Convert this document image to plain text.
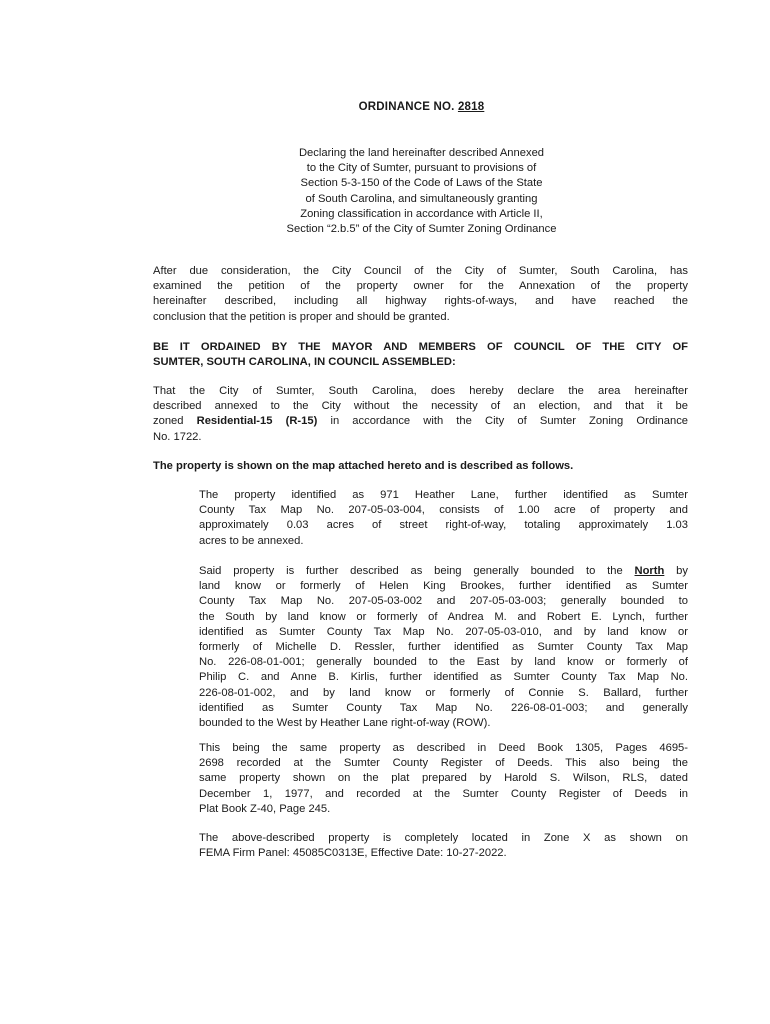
ORDINANCE NO. 2818
Declaring the land hereinafter described Annexed
to the City of Sumter, pursuant to provisions of
Section 5-3-150 of the Code of Laws of the State
of South Carolina, and simultaneously granting
Zoning classification in accordance with Article II,
Section “2.b.5” of the City of Sumter Zoning Ordinance
After due consideration, the City Council of the City of Sumter, South Carolina, has
examined the petition of the property owner for the Annexation of the property
hereinafter described, including all highway rights-of-ways, and have reached the
conclusion that the petition is proper and should be granted.
BE IT ORDAINED BY THE MAYOR AND MEMBERS OF COUNCIL OF THE CITY OF
SUMTER, SOUTH CAROLINA, IN COUNCIL ASSEMBLED:
That the City of Sumter, South Carolina, does hereby declare the area hereinafter
described annexed to the City without the necessity of an election, and that it be
zoned Residential-15 (R-15) in accordance with the City of Sumter Zoning Ordinance
No. 1722.
The property is shown on the map attached hereto and is described as follows.
The property identified as 971 Heather Lane, further identified as Sumter
County Tax Map No. 207-05-03-004, consists of 1.00 acre of property and
approximately 0.03 acres of street right-of-way, totaling approximately 1.03
acres to be annexed.
Said property is further described as being generally bounded to the North by
land know or formerly of Helen King Brookes, further identified as Sumter
County Tax Map No. 207-05-03-002 and 207-05-03-003; generally bounded to
the South by land know or formerly of Andrea M. and Robert E. Lynch, further
identified as Sumter County Tax Map No. 207-05-03-010, and by land know or
formerly of Michelle D. Ressler, further identified as Sumter County Tax Map
No. 226-08-01-001; generally bounded to the East by land know or formerly of
Philip C. and Anne B. Kirlis, further identified as Sumter County Tax Map No.
226-08-01-002, and by land know or formerly of Connie S. Ballard, further
identified as Sumter County Tax Map No. 226-08-01-003; and generally
bounded to the West by Heather Lane right-of-way (ROW).
This being the same property as described in Deed Book 1305, Pages 4695-
2698 recorded at the Sumter County Register of Deeds. This also being the
same property shown on the plat prepared by Harold S. Wilson, RLS, dated
December 1, 1977, and recorded at the Sumter County Register of Deeds in
Plat Book Z-40, Page 245.
The above-described property is completely located in Zone X as shown on
FEMA Firm Panel: 45085C0313E, Effective Date: 10-27-2022.
